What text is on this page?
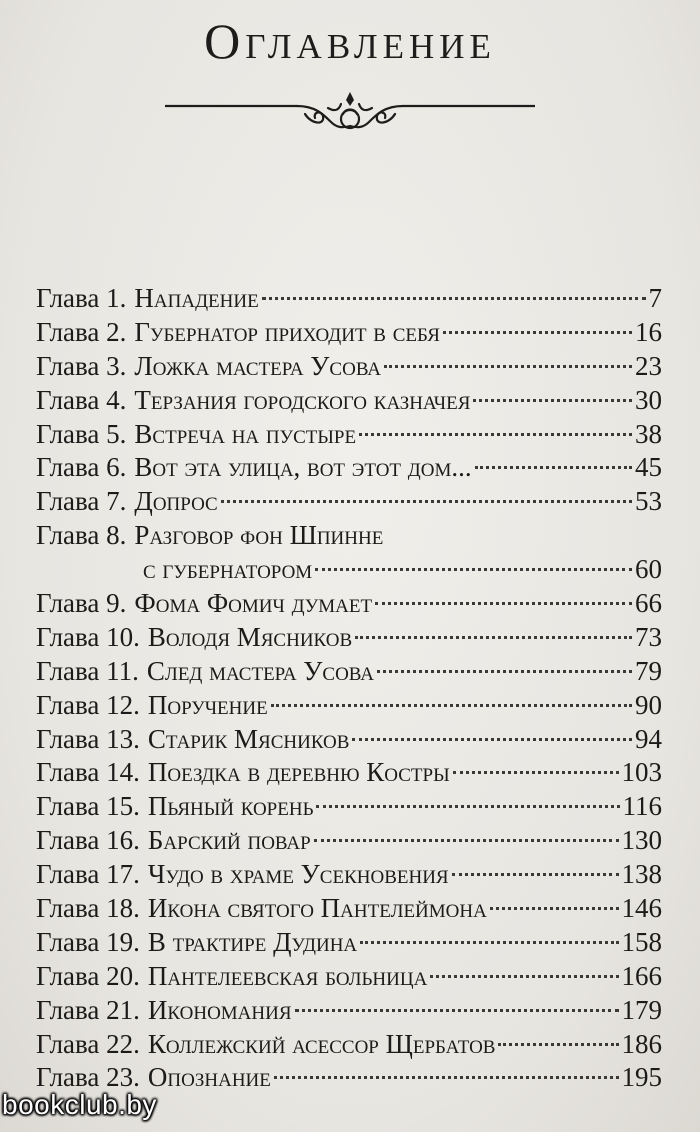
Оглавление
Глава 1. Нападение	7
Глава 2. Губернатор приходит в себя	16
Глава 3. Ложка мастера Усова	23
Глава 4. Терзания городского казначея	30
Глава 5. Встреча на пустыре	38
Глава 6. Вот эта улица, вот этот дом...	45
Глава 7. Допрос	53
Глава 8. Разговор фон Шпинне
с губернатором	60
Глава 9. Фома Фомич думает	66
Глава 10. Володя Мясников	73
Глава 11. След мастера Усова	79
Глава 12. Поручение	90
Глава 13. Старик Мясников	94
Глава 14. Поездка в деревню Костры	103
Глава 15. Пьяный корень	116
Глава 16. Барский повар	130
Глава 17. Чудо в храме Усекновения	138
Глава 18. Икона святого Пантелеймона	146
Глава 19. В трактире Дудина	158
Глава 20. Пантелеевская больница	166
Глава 21. Икономания	179
Глава 22. Коллежский асессор Щербатов	186
Глава 23. Опознание	195
bookclub.by
